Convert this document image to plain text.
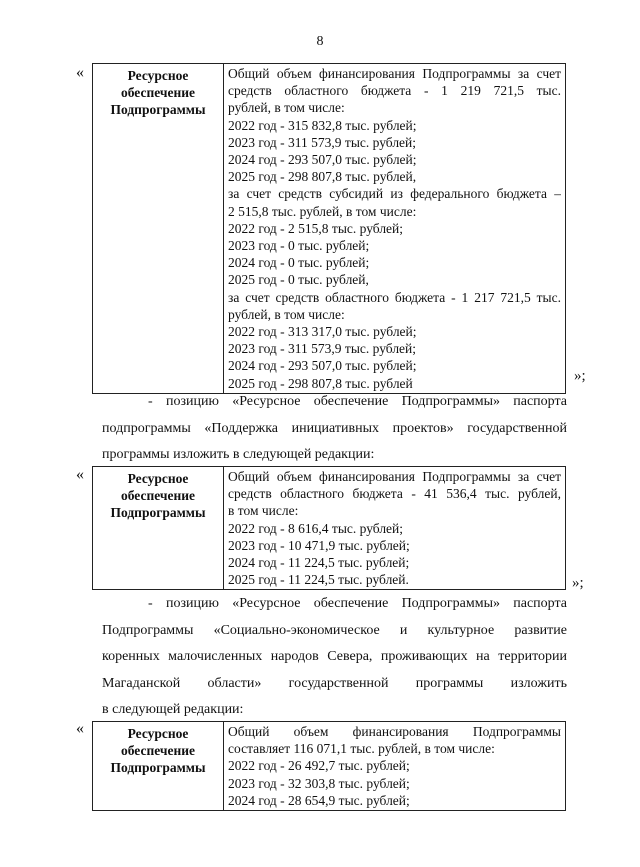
8
«	Ресурсное
обеспечение
Подпрограммы

Общий объем финансирования Подпрограммы за счет
средств областного бюджета - 1 219 721,5 тыс.
рублей, в том числе:
2022 год - 315 832,8 тыс. рублей;
2023 год - 311 573,9 тыс. рублей;
2024 год - 293 507,0 тыс. рублей;
2025 год - 298 807,8 тыс. рублей,
за счет средств субсидий из федерального бюджета –
2 515,8 тыс. рублей, в том числе:
2022 год - 2 515,8 тыс. рублей;
2023 год - 0 тыс. рублей;
2024 год - 0 тыс. рублей;
2025 год - 0 тыс. рублей,
за счет средств областного бюджета - 1 217 721,5 тыс.
рублей, в том числе:
2022 год - 313 317,0 тыс. рублей;
2023 год - 311 573,9 тыс. рублей;
2024 год - 293 507,0 тыс. рублей;
2025 год - 298 807,8 тыс. рублей	»;
- позицию «Ресурсное обеспечение Подпрограммы» паспорта
подпрограммы «Поддержка инициативных проектов» государственной
программы изложить в следующей редакции:
«	Ресурсное
обеспечение
Подпрограммы

Общий объем финансирования Подпрограммы за счет
средств областного бюджета - 41 536,4 тыс. рублей,
в том числе:
2022 год - 8 616,4 тыс. рублей;
2023 год - 10 471,9 тыс. рублей;
2024 год - 11 224,5 тыс. рублей;
2025 год - 11 224,5 тыс. рублей.	»;
- позицию «Ресурсное обеспечение Подпрограммы» паспорта
Подпрограммы «Социально-экономическое и культурное развитие
коренных малочисленных народов Севера, проживающих на территории
Магаданской области» государственной программы изложить
в следующей редакции:
«	Ресурсное
обеспечение
Подпрограммы

Общий объем финансирования Подпрограммы
составляет 116 071,1 тыс. рублей, в том числе:
2022 год - 26 492,7 тыс. рублей;
2023 год - 32 303,8 тыс. рублей;
2024 год - 28 654,9 тыс. рублей;
